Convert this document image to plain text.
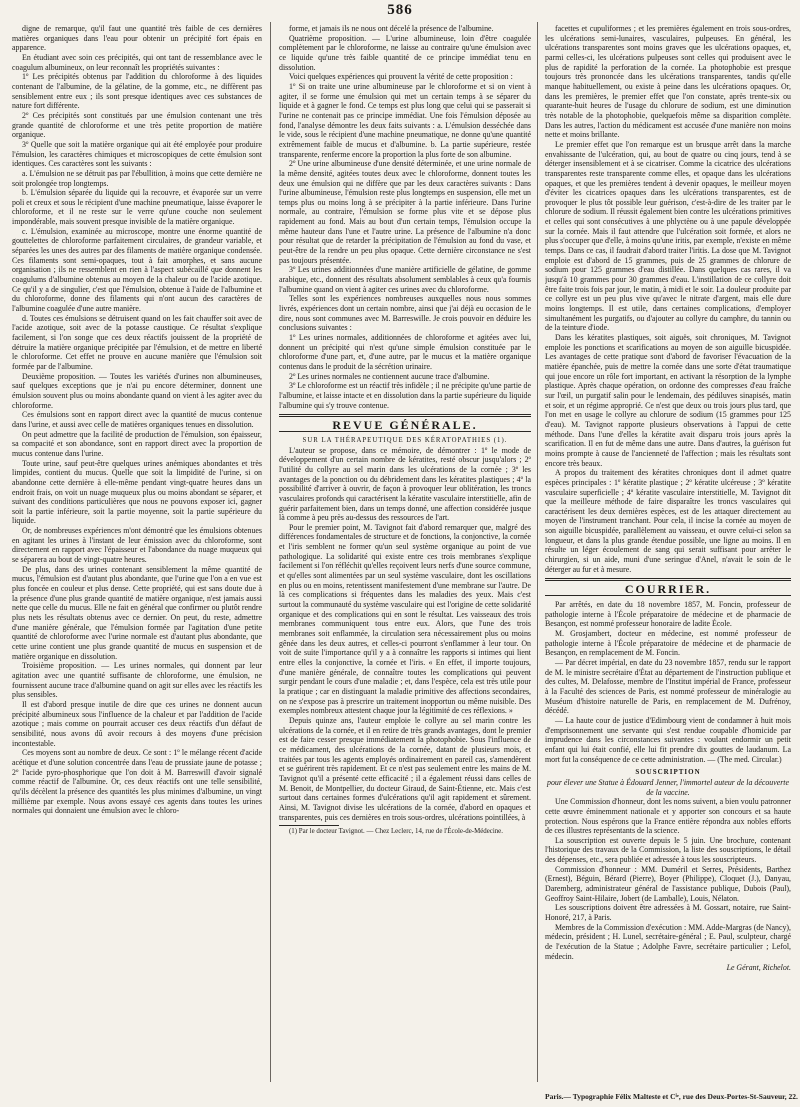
586

digne de remarque, qu'il faut une quantité très faible de ces dernières matières organiques dans l'eau pour obtenir un précipité fort épais en apparence.

En étudiant avec soin ces précipités, qui ont tant de ressemblance avec le coagulum albumineux, on leur reconnaît les propriétés suivantes :

1º Les précipités obtenus par l'addition du chloroforme à des liquides contenant de l'albumine, de la gélatine, de la gomme, etc., ne diffèrent pas sensiblement entre eux ; ils sont presque identiques avec ces substances de nature fort différente.

2º Ces précipités sont constitués par une émulsion contenant une très grande quantité de chloroforme et une très petite proportion de matière organique.

3º Quelle que soit la matière organique qui ait été employée pour produire l'émulsion, les caractères chimiques et microscopiques de cette émulsion sont identiques. Ces caractères sont les suivants :

a. L'émulsion ne se détruit pas par l'ébullition, à moins que cette dernière ne soit prolongée trop longtemps.

b. L'émulsion séparée du liquide qui la recouvre, et évaporée sur un verre poli et creux et sous le récipient d'une machine pneumatique, laisse évaporer le chloroforme, et il ne reste sur le verre qu'une couche non seulement impondérable, mais souvent presque invisible de la matière organique.

c. L'émulsion, examinée au microscope, montre une énorme quantité de gouttelettes de chloroforme parfaitement circulaires, de grandeur variable, et séparées les unes des autres par des filaments de matière organique condensée. Ces filaments sont semi-opaques, tout à fait amorphes, et sans aucune organisation ; ils ne ressemblent en rien à l'aspect subécaillé que donnent les coagulums d'albumine obtenus au moyen de la chaleur ou de l'acide azotique. Ce qu'il y a de singulier, c'est que l'émulsion, obtenue à l'aide de l'albumine et du chloroforme, donne des filaments qui n'ont aucun des caractères de l'albumine coagulée d'une autre manière.

d. Toutes ces émulsions se détruisent quand on les fait chauffer soit avec de l'acide azotique, soit avec de la potasse caustique. Ce résultat s'explique facilement, si l'on songe que ces deux réactifs jouissent de la propriété de détruire la matière organique précipitée par l'émulsion, et de mettre en liberté le chloroforme. Cet effet ne prouve en aucune manière que l'émulsion soit formée par de l'albumine.

Deuxième proposition. — Toutes les variétés d'urines non albumineuses, sauf quelques exceptions que je n'ai pu encore déterminer, donnent une émulsion souvent plus ou moins abondante quand on vient à les agiter avec du chloroforme.

Ces émulsions sont en rapport direct avec la quantité de mucus contenue dans l'urine, et aussi avec celle de matières organiques tenues en dissolution.

On peut admettre que la facilité de production de l'émulsion, son épaisseur, sa compacité et son abondance, sont en rapport direct avec la proportion de mucus contenue dans l'urine.

Toute urine, sauf peut-être quelques urines anémiques abondantes et très limpides, contient du mucus. Quelle que soit la limpidité de l'urine, si on abandonne cette dernière à elle-même pendant vingt-quatre heures dans un endroit frais, on voit un nuage muqueux plus ou moins abondant se séparer, et suivant des conditions particulières que nous ne pouvons exposer ici, gagner soit la partie inférieure, soit la partie moyenne, soit la partie supérieure du liquide.

Or, de nombreuses expériences m'ont démontré que les émulsions obtenues en agitant les urines à l'instant de leur émission avec du chloroforme, sont directement en rapport avec l'épaisseur et l'abondance du nuage muqueux qui se séparera au bout de vingt-quatre heures.

De plus, dans des urines contenant sensiblement la même quantité de mucus, l'émulsion est d'autant plus abondante, que l'urine que l'on a en vue est plus foncée en couleur et plus dense. Cette propriété, qui est sans doute due à la présence d'une plus grande quantité de matière organique, n'est jamais aussi nette que celle du mucus. Elle ne fait en général que confirmer ou plutôt rendre plus nets les résultats obtenus avec ce dernier. On peut, du reste, admettre d'une manière générale, que l'émulsion formée par l'agitation d'une petite quantité de chloroforme avec l'urine normale est d'autant plus abondante, que cette urine contient une plus grande quantité de mucus en suspension et de matière organique en dissolution.

Troisième proposition. — Les urines normales, qui donnent par leur agitation avec une quantité suffisante de chloroforme, une émulsion, ne fournissent aucune trace d'albumine quand on agit sur elles avec les réactifs les plus sensibles.

Il est d'abord presque inutile de dire que ces urines ne donnent aucun précipité albumineux sous l'influence de la chaleur et par l'addition de l'acide azotique ; mais comme on pourrait accuser ces deux réactifs d'un défaut de sensibilité, nous avons dû avoir recours à des moyens d'une précision incontestable.

Ces moyens sont au nombre de deux. Ce sont : 1º le mélange récent d'acide acétique et d'une solution concentrée dans l'eau de prussiate jaune de potasse ; 2º l'acide pyro-phosphorique que l'on doit à M. Barreswill d'avoir signalé comme réactif de l'albumine. Or, ces deux réactifs ont une telle sensibilité, qu'ils décèlent la présence des quantités les plus minimes d'albumine, un vingt millième par exemple. Nous avons essayé ces agents dans toutes les urines normales qui donnaient une émulsion avec le chloro-

forme, et jamais ils ne nous ont décelé la présence de l'albumine.

Quatrième proposition. — L'urine albumineuse, loin d'être coagulée complètement par le chloroforme, ne laisse au contraire qu'une émulsion avec ce liquide qu'une très faible quantité de ce principe immédiat tenu en dissolution.

Voici quelques expériences qui prouvent la vérité de cette proposition :

1º Si on traite une urine albumineuse par le chloroforme et si on vient à agiter, il se forme une émulsion qui met un certain temps à se séparer du liquide et à gagner le fond. Ce temps est plus long que celui qui se passerait si l'urine ne contenait pas ce principe immédiat. Une fois l'émulsion déposée au fond, l'analyse démontre les deux faits suivants : a. L'émulsion desséchée dans le vide, sous le récipient d'une machine pneumatique, ne donne qu'une quantité extrêmement faible de mucus et d'albumine. b. La partie supérieure, restée transparente, renferme encore la proportion la plus forte de son albumine.

2º Une urine albumineuse d'une densité déterminée, et une urine normale de la même densité, agitées toutes deux avec le chloroforme, donnent toutes les deux une émulsion qui ne diffère que par les deux caractères suivants : Dans l'urine albumineuse, l'émulsion reste plus longtemps en suspension, elle met un temps plus ou moins long à se précipiter à la partie inférieure. Dans l'urine normale, au contraire, l'émulsion se forme plus vite et se dépose plus rapidement au fond. Mais au bout d'un certain temps, l'émulsion occupe la même hauteur dans l'une et l'autre urine. La présence de l'albumine n'a donc pour résultat que de retarder la précipitation de l'émulsion au fond du vase, et peut-être de la rendre un peu plus opaque. Cette dernière circonstance ne s'est pas toujours présentée.

3º Les urines additionnées d'une manière artificielle de gélatine, de gomme arabique, etc., donnent des résultats absolument semblables à ceux qu'a fournis l'albumine quand on vient à agiter ces urines avec du chloroforme.

Telles sont les expériences nombreuses auxquelles nous nous sommes livrés, expériences dont un certain nombre, ainsi que j'ai déjà eu occasion de le dire, nous sont communes avec M. Barreswille. Je crois pouvoir en déduire les conclusions suivantes :

1º Les urines normales, additionnées de chloroforme et agitées avec lui, donnent un précipité qui n'est qu'une simple émulsion constituée par le chloroforme d'une part, et, d'une autre, par le mucus et la matière organique contenus dans le produit de la sécrétion urinaire.

2º Les urines normales ne contiennent aucune trace d'albumine.

3º Le chloroforme est un réactif très infidèle ; il ne précipite qu'une partie de l'albumine, et laisse intacte et en dissolution dans la partie supérieure du liquide l'albumine qui s'y trouve contenue.

REVUE GÉNÉRALE.

SUR LA THÉRAPEUTIQUE DES KÉRATOPATHIES (1).

L'auteur se propose, dans ce mémoire, de démontrer : 1º le mode de développement d'un certain nombre de kératites, resté obscur jusqu'alors ; 2º l'utilité du collyre au sel marin dans les ulcérations de la cornée ; 3º les avantages de la ponction ou du débridement dans les kératites plastiques ; 4º la possibilité d'arriver à ouvrir, de façon à provoquer leur oblitération, les troncs vasculaires profonds qui caractérisent la kératite vasculaire interstitielle, afin de guérir parfaitement bien, dans un temps donné, une affection considérée jusque là comme à peu près au-dessus des ressources de l'art.

Pour le premier point, M. Tavignot fait d'abord remarquer que, malgré des différences fondamentales de structure et de fonctions, la conjonctive, la cornée et l'iris semblent ne former qu'un seul système organique au point de vue pathologique. La solidarité qui existe entre ces trois membranes s'explique facilement si l'on réfléchit qu'elles reçoivent leurs nerfs d'une source commune, et qu'elles sont alimentées par un seul système vasculaire, dont les oscillations en plus ou en moins, retentissent manifestement d'une membrane sur l'autre. De là ces complications si fréquentes dans les maladies des yeux. Mais c'est surtout la communauté du système vasculaire qui est l'origine de cette solidarité organique et des complications qui en sont le résultat. Les vaisseaux des trois membranes communiquent tous entre eux. Alors, que l'une des trois membranes soit enflammée, la circulation sera nécessairement plus ou moins gênée dans les deux autres, et celles-ci pourront s'enflammer à leur tour. On voit de suite l'importance qu'il y a à connaître les rapports si intimes qui lient entre elles la conjonctive, la cornée et l'iris. « En effet, il importe toujours, d'une manière générale, de connaître toutes les complications qui peuvent surgir pendant le cours d'une maladie ; et, dans l'espèce, cela est très utile pour la pratique ; car en distinguant la maladie primitive des affections secondaires, on ne s'expose pas à prescrire un traitement inopportun ou même nuisible. Des exemples nombreux attestent chaque jour la légitimité de ces réflexions. »

Depuis quinze ans, l'auteur emploie le collyre au sel marin contre les ulcérations de la cornée, et il en retire de très grands avantages, dont le premier est de faire cesser presque immédiatement la photophobie. Sous l'influence de ce médicament, des ulcérations de la cornée, datant de plusieurs mois, et traitées par tous les agents employés ordinairement en pareil cas, s'amendèrent et se guérirent très rapidement. Et ce n'est pas seulement entre les mains de M. Tavignot qu'il a présenté cette efficacité ; il a également réussi dans celles de M. Benoit, de Montpellier, du docteur Giraud, de Saint-Étienne, etc. Mais c'est surtout dans certaines formes d'ulcérations qu'il agit rapidement et sûrement. Ainsi, M. Tavignot divise les ulcérations de la cornée, d'abord en opaques et transparentes, puis ces dernières en trois sous-ordres, ulcérations pointillées, à

(1) Par le docteur Tavignot. — Chez Leclerc, 14, rue de l'École-de-Médecine.

facettes et cupuliformes ; et les premières également en trois sous-ordres, les ulcérations semi-lunaires, vasculaires, pulpeuses. En général, les ulcérations transparentes sont moins graves que les ulcérations opaques, et, parmi celles-ci, les ulcérations pulpeuses sont celles qui produisent avec le plus de rapidité la perforation de la cornée. La photophobie est presque toujours très prononcée dans les ulcérations transparentes, tandis qu'elle manque habituellement, ou existe à peine dans les ulcérations opaques. Or, dans les premières, le premier effet que l'on constate, après trente-six ou quarante-huit heures de l'usage du chlorure de sodium, est une diminution très notable de la photophobie, quelquefois même sa disparition complète. Dans les autres, l'action du médicament est accusée d'une manière non moins nette et moins brillante.

Le premier effet que l'on remarque est un brusque arrêt dans la marche envahissante de l'ulcération, qui, au bout de quatre ou cinq jours, tend à se déterger insensiblement et à se cicatriser. Comme la cicatrice des ulcérations transparentes reste transparente comme elles, et opaque dans les ulcérations opaques, et que les premières tendent à devenir opaques, le meilleur moyen d'éviter les cicatrices opaques dans les ulcérations transparentes, est de provoquer le plus tôt possible leur guérison, c'est-à-dire de les traiter par le chlorure de sodium. Il réussit également bien contre les ulcérations primitives et celles qui sont consécutives à une phlyctène ou à une papule développée sur la cornée. Mais il faut attendre que l'ulcération soit formée, et alors ne plus s'occuper que d'elle, à moins qu'une iritis, par exemple, n'existe en même temps. Dans ce cas, il faudrait d'abord traiter l'iritis. La dose que M. Tavignot emploie est d'abord de 15 grammes, puis de 25 grammes de chlorure de sodium pour 125 grammes d'eau distillée. Dans quelques cas rares, il va jusqu'à 10 grammes pour 30 grammes d'eau. L'instillation de ce collyre doit être faite trois fois par jour, le matin, à midi et le soir. La douleur produite par ce collyre est un peu plus vive qu'avec le nitrate d'argent, mais elle dure moins longtemps. Il est utile, dans certaines complications, d'employer simultanément les purgatifs, ou d'ajouter au collyre du camphre, du tannin ou de la teinture d'iode.

Dans les kératites plastiques, soit aiguës, soit chroniques, M. Tavignot emploie les ponctions et scarifications au moyen de son aiguille bicuspidée. Les avantages de cette pratique sont d'abord de favoriser l'évacuation de la matière épanchée, puis de mettre la cornée dans une sorte d'état traumatique qui joue encore un rôle fort important, en activant la résorption de la lymphe plastique. Après chaque opération, on ordonne des compresses d'eau fraîche sur l'œil, un purgatif salin pour le lendemain, des pédiluves sinapisés, matin et soir, et un régime approprié. Ce n'est que deux ou trois jours plus tard, que l'on met en usage le collyre au chlorure de sodium (15 grammes pour 125 d'eau). M. Tavignot rapporte plusieurs observations à l'appui de cette méthode. Dans l'une d'elles la kératite avait disparu trois jours après la scarification. Il en fut de même dans une autre. Dans d'autres, la guérison fut moins prompte à cause de l'ancienneté de l'affection ; mais les résultats sont encore très beaux.

A propos du traitement des kératites chroniques dont il admet quatre espèces principales : 1º kératite plastique ; 2º kératite ulcéreuse ; 3º kératite vasculaire superficielle ; 4º kératite vasculaire interstitielle, M. Tavignot dit que la meilleure méthode de faire disparaître les troncs vasculaires qui caractérisent les deux dernières espèces, est de les attaquer directement au moyen de l'instrument tranchant. Pour cela, il incise la cornée au moyen de son aiguille bicuspidée, parallèlement au vaisseau, et ouvre celui-ci selon sa longueur, et dans la plus grande étendue possible, une ligne au moins. Il en résulte un léger écoulement de sang qui serait suffisant pour arrêter le chirurgien, si un aide, muni d'une seringue d'Anel, n'avait le soin de le déterger au fur et à mesure.

COURRIER.

Par arrêtés, en date du 18 novembre 1857, M. Foncin, professeur de pathologie interne à l'École préparatoire de médecine et de pharmacie de Besançon, est nommé professeur honoraire de ladite École.

M. Grosjambert, docteur en médecine, est nommé professeur de pathologie interne à l'École préparatoire de médecine et de pharmacie de Besançon, en remplacement de M. Foncin.

— Par décret impérial, en date du 23 novembre 1857, rendu sur le rapport de M. le ministre secrétaire d'État au département de l'instruction publique et des cultes, M. Delafosse, membre de l'Institut impérial de France, professeur à la Faculté des sciences de Paris, est nommé professeur de minéralogie au Muséum d'histoire naturelle de Paris, en remplacement de M. Dufrénoy, décédé.

— La haute cour de justice d'Edimbourg vient de condamner à huit mois d'emprisonnement une servante qui s'est rendue coupable d'homicide par imprudence dans les circonstances suivantes : voulant endormir un petit enfant qui lui était confié, elle lui fit prendre dix gouttes de laudanum. La mort fut la conséquence de ce cette administration. — (The med. Circular.)

SOUSCRIPTION

pour élever une Statue à Édouard Jenner, l'immortel auteur de la découverte de la vaccine.

Une Commission d'honneur, dont les noms suivent, a bien voulu patronner cette œuvre éminemment nationale et y apporter son concours et sa haute protection. Nous espérons que la France entière répondra aux nobles efforts de ces illustres représentants de la science.

La souscription est ouverte depuis le 5 juin. Une brochure, contenant l'historique des travaux de la Commission, la liste des souscriptions, le détail des dépenses, etc., sera publiée et adressée à tous les souscripteurs.

Commission d'honneur : MM. Duméril et Serres, Présidents, Barthez (Ernest), Béguin, Bérard (Pierre), Boyer (Philippe), Cloquet (J.), Danyau, Daremberg, administrateur général de l'assistance publique, Dubois (Paul), Geoffroy Saint-Hilaire, Jobert (de Lamballe), Louis, Nélaton.

Les souscriptions doivent être adressées à M. Gossart, notaire, rue Saint-Honoré, 217, à Paris.

Membres de la Commission d'exécution : MM. Adde-Margras (de Nancy), médecin, président ; H. Lunel, secrétaire-général ; E. Paul, sculpteur, chargé de l'exécution de la Statue ; Adolphe Favre, secrétaire particulier ; Lefol, médecin.

Le Gérant, Richelot.

Paris.— Typographie Félix Malteste et Cⁱᵉ, rue des Deux-Portes-St-Sauveur, 22.
